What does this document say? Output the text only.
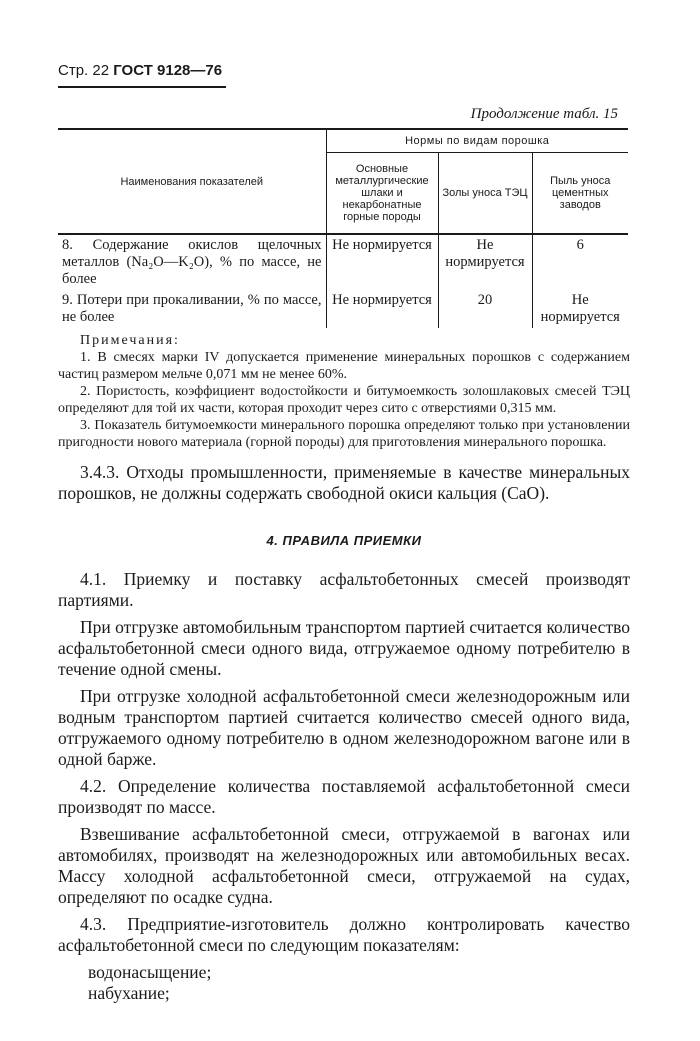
Стр. 22 ГОСТ 9128—76
Продолжение табл. 15
Наименования показателей	Нормы по видам порошка		
	Основные металлургические шлаки и некарбонатные горные породы	Золы уноса ТЭЦ	Пыль уноса цементных заводов
8. Содержание окислов щелочных металлов (Na₂O—K₂O), % по массе, не более	Не нормируется	Не нормируется	6
9. Потери при прокаливании, % по массе, не более	Не нормируется	20	Не нормируется
Примечания:

1. В смесях марки IV допускается применение минеральных порошков с содержанием частиц размером мельче 0,071 мм не менее 60%.

2. Пористость, коэффициент водостойкости и битумоемкость золошлаковых смесей ТЭЦ определяют для той их части, которая проходит через сито с отверстиями 0,315 мм.

3. Показатель битумоемкости минерального порошка определяют только при установлении пригодности нового материала (горной породы) для приготовления минерального порошка.

3.4.3. Отходы промышленности, применяемые в качестве минеральных порошков, не должны содержать свободной окиси кальция (CaO).

4. ПРАВИЛА ПРИЕМКИ

4.1. Приемку и поставку асфальтобетонных смесей производят партиями.

При отгрузке автомобильным транспортом партией считается количество асфальтобетонной смеси одного вида, отгружаемое одному потребителю в течение одной смены.

При отгрузке холодной асфальтобетонной смеси железнодорожным или водным транспортом партией считается количество смесей одного вида, отгружаемого одному потребителю в одном железнодорожном вагоне или в одной барже.

4.2. Определение количества поставляемой асфальтобетонной смеси производят по массе.

Взвешивание асфальтобетонной смеси, отгружаемой в вагонах или автомобилях, производят на железнодорожных или автомобильных весах. Массу холодной асфальтобетонной смеси, отгружаемой на судах, определяют по осадке судна.

4.3. Предприятие-изготовитель должно контролировать качество асфальтобетонной смеси по следующим показателям:

водонасыщение;
набухание;
